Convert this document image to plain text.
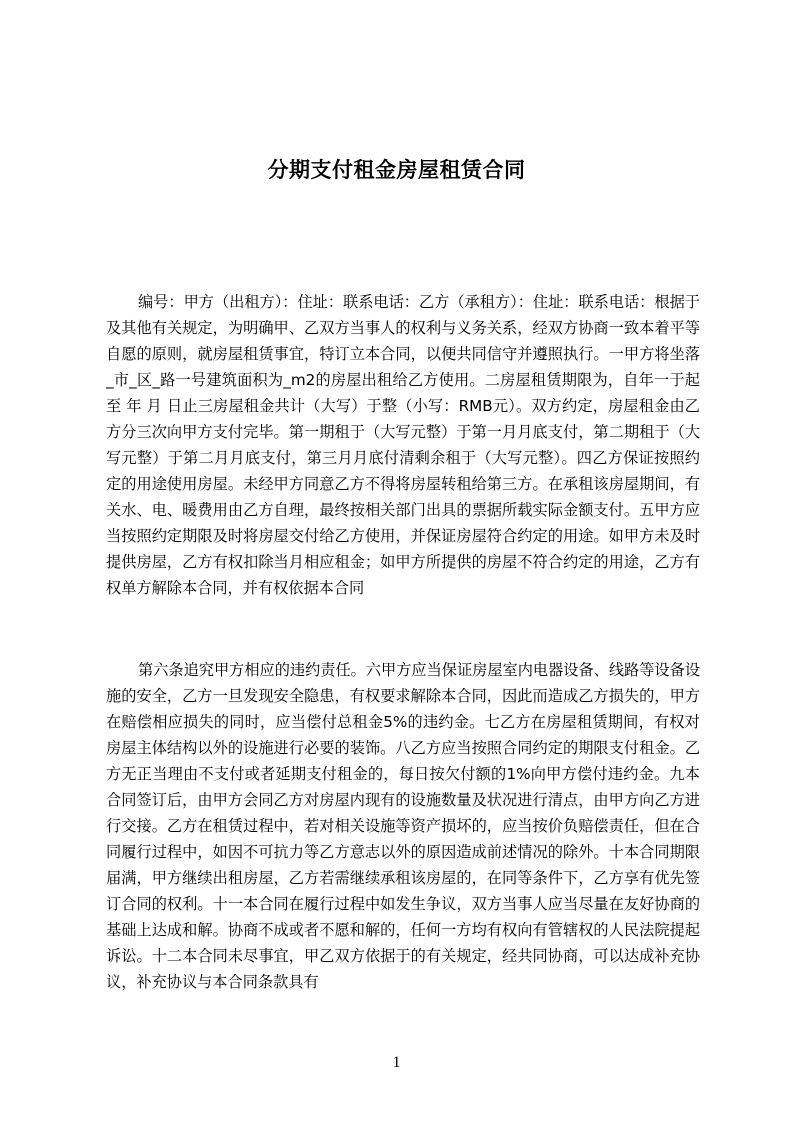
分期支付租金房屋租赁合同

编号：甲方（出租方）：住址：联系电话：乙方（承租方）：住址：联系电话：根据于及其他有关规定，为明确甲、乙双方当事人的权利与义务关系，经双方协商一致本着平等自愿的原则，就房屋租赁事宜，特订立本合同，以便共同信守并遵照执行。一甲方将坐落_市_区_路一号建筑面积为_m2的房屋出租给乙方使用。二房屋租赁期限为，自年一于起至 年 月 日止三房屋租金共计（大写）于整（小写：RMB元）。双方约定，房屋租金由乙方分三次向甲方支付完毕。第一期租于（大写元整）于第一月月底支付，第二期租于（大写元整）于第二月月底支付，第三月月底付清剩余租于（大写元整）。四乙方保证按照约定的用途使用房屋。未经甲方同意乙方不得将房屋转租给第三方。在承租该房屋期间，有关水、电、暖费用由乙方自理，最终按相关部门出具的票据所载实际金额支付。五甲方应当按照约定期限及时将房屋交付给乙方使用，并保证房屋符合约定的用途。如甲方未及时提供房屋，乙方有权扣除当月相应租金；如甲方所提供的房屋不符合约定的用途，乙方有权单方解除本合同，并有权依据本合同

第六条追究甲方相应的违约责任。六甲方应当保证房屋室内电器设备、线路等设备设施的安全，乙方一旦发现安全隐患，有权要求解除本合同，因此而造成乙方损失的，甲方在赔偿相应损失的同时，应当偿付总租金5%的违约金。七乙方在房屋租赁期间，有权对房屋主体结构以外的设施进行必要的装饰。八乙方应当按照合同约定的期限支付租金。乙方无正当理由不支付或者延期支付租金的，每日按欠付额的1%向甲方偿付违约金。九本合同签订后，由甲方会同乙方对房屋内现有的设施数量及状况进行清点，由甲方向乙方进行交接。乙方在租赁过程中，若对相关设施等资产损坏的，应当按价负赔偿责任，但在合同履行过程中，如因不可抗力等乙方意志以外的原因造成前述情况的除外。十本合同期限届满，甲方继续出租房屋，乙方若需继续承租该房屋的，在同等条件下，乙方享有优先签订合同的权利。十一本合同在履行过程中如发生争议，双方当事人应当尽量在友好协商的基础上达成和解。协商不成或者不愿和解的，任何一方均有权向有管辖权的人民法院提起诉讼。十二本合同未尽事宜，甲乙双方依据于的有关规定，经共同协商，可以达成补充协议，补充协议与本合同条款具有

1
